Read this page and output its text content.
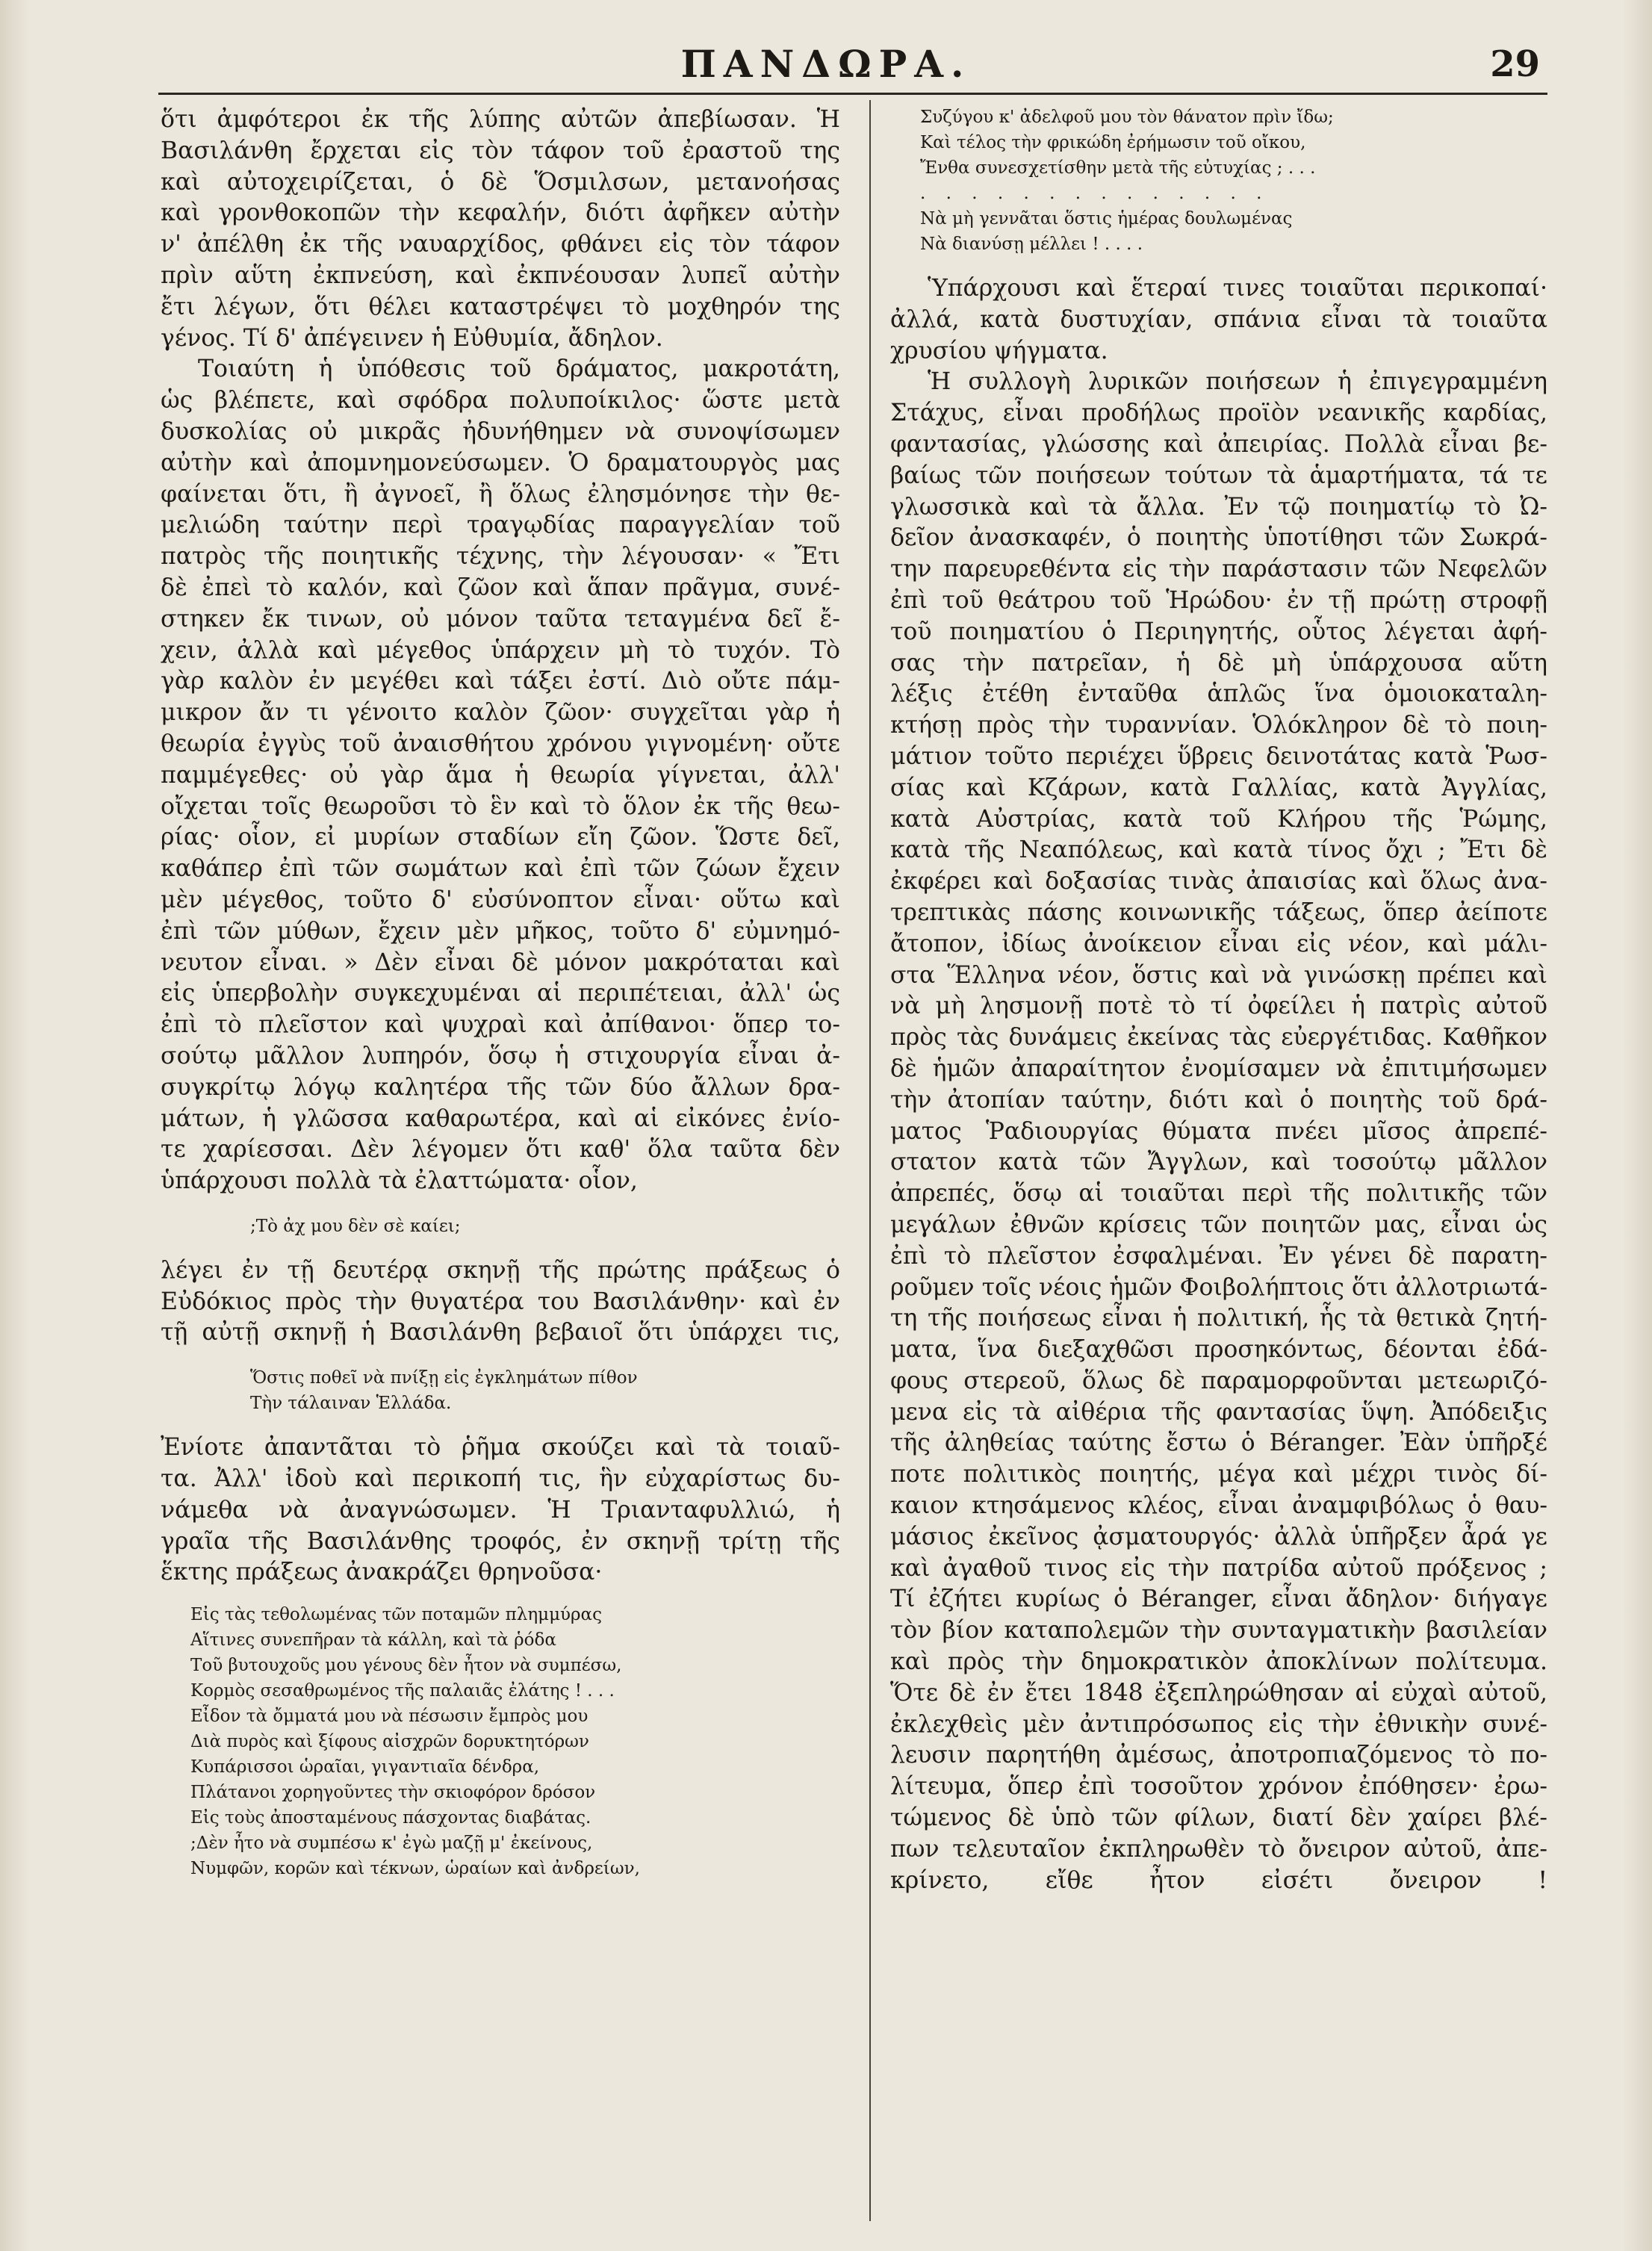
ΠΑΝΔΩΡΑ.	29
ὅτι ἀμφότεροι ἐκ τῆς λύπης αὐτῶν ἀπεβίωσαν. Ἡ
Βασιλάνθη ἔρχεται εἰς τὸν τάφον τοῦ ἐραστοῦ της
καὶ αὐτοχειρίζεται, ὁ δὲ Ὅσμιλσων, μετανοήσας
καὶ γρονθοκοπῶν τὴν κεφαλήν, διότι ἀφῆκεν αὐτὴν
ν' ἀπέλθη ἐκ τῆς ναυαρχίδος, φθάνει εἰς τὸν τάφον
πρὶν αὕτη ἐκπνεύση, καὶ ἐκπνέουσαν λυπεῖ αὐτὴν
ἔτι λέγων, ὅτι θέλει καταστρέψει τὸ μοχθηρόν της
γένος. Τί δ' ἀπέγεινεν ἡ Εὐθυμία, ἄδηλον.
Τοιαύτη ἡ ὑπόθεσις τοῦ δράματος, μακροτάτη,
ὡς βλέπετε, καὶ σφόδρα πολυποίκιλος· ὥστε μετὰ
δυσκολίας οὐ μικρᾶς ἠδυνήθημεν νὰ συνοψίσωμεν
αὐτὴν καὶ ἀπομνημονεύσωμεν. Ὁ δραματουργὸς μας
φαίνεται ὅτι, ἢ ἀγνοεῖ, ἢ ὅλως ἐλησμόνησε τὴν θε-
μελιώδη ταύτην περὶ τραγῳδίας παραγγελίαν τοῦ
πατρὸς τῆς ποιητικῆς τέχνης, τὴν λέγουσαν· « Ἔτι
δὲ ἐπεὶ τὸ καλόν, καὶ ζῶον καὶ ἅπαν πρᾶγμα, συνέ-
στηκεν ἔκ τινων, οὐ μόνον ταῦτα τεταγμένα δεῖ ἔ-
χειν, ἀλλὰ καὶ μέγεθος ὑπάρχειν μὴ τὸ τυχόν. Τὸ
γὰρ καλὸν ἐν μεγέθει καὶ τάξει ἐστί. Διὸ οὔτε πάμ-
μικρον ἄν τι γένοιτο καλὸν ζῶον· συγχεῖται γὰρ ἡ
θεωρία ἐγγὺς τοῦ ἀναισθήτου χρόνου γιγνομένη· οὔτε
παμμέγεθες· οὐ γὰρ ἅμα ἡ θεωρία γίγνεται, ἀλλ'
οἴχεται τοῖς θεωροῦσι τὸ ἓν καὶ τὸ ὅλον ἐκ τῆς θεω-
ρίας· οἷον, εἰ μυρίων σταδίων εἴη ζῶον. Ὥστε δεῖ,
καθάπερ ἐπὶ τῶν σωμάτων καὶ ἐπὶ τῶν ζώων ἔχειν
μὲν μέγεθος, τοῦτο δ' εὐσύνοπτον εἶναι· οὕτω καὶ
ἐπὶ τῶν μύθων, ἔχειν μὲν μῆκος, τοῦτο δ' εὐμνημό-
νευτον εἶναι. » Δὲν εἶναι δὲ μόνον μακρόταται καὶ
εἰς ὑπερβολὴν συγκεχυμέναι αἱ περιπέτειαι, ἀλλ' ὡς
ἐπὶ τὸ πλεῖστον καὶ ψυχραὶ καὶ ἀπίθανοι· ὅπερ το-
σούτῳ μᾶλλον λυπηρόν, ὅσῳ ἡ στιχουργία εἶναι ἀ-
συγκρίτῳ λόγῳ καλητέρα τῆς τῶν δύο ἄλλων δρα-
μάτων, ἡ γλῶσσα καθαρωτέρα, καὶ αἱ εἰκόνες ἐνίο-
τε χαρίεσσαι. Δὲν λέγομεν ὅτι καθ' ὅλα ταῦτα δὲν
ὑπάρχουσι πολλὰ τὰ ἐλαττώματα· οἷον,
;Τὸ ἀχ μου δὲν σὲ καίει;
λέγει ἐν τῇ δευτέρᾳ σκηνῇ τῆς πρώτης πράξεως ὁ
Εὐδόκιος πρὸς τὴν θυγατέρα του Βασιλάνθην· καὶ ἐν
τῇ αὐτῇ σκηνῇ ἡ Βασιλάνθη βεβαιοῖ ὅτι ὑπάρχει τις,
Ὅστις ποθεῖ νὰ πνίξῃ εἰς ἐγκλημάτων πίθον
Τὴν τάλαιναν Ἑλλάδα.
Ἐνίοτε ἀπαντᾶται τὸ ῥῆμα σκούζει καὶ τὰ τοιαῦ-
τα. Ἀλλ' ἰδοὺ καὶ περικοπή τις, ἣν εὐχαρίστως δυ-
νάμεθα νὰ ἀναγνώσωμεν. Ἡ Τριανταφυλλιώ, ἡ
γραῖα τῆς Βασιλάνθης τροφός, ἐν σκηνῇ τρίτῃ τῆς
ἕκτης πράξεως ἀνακράζει θρηνοῦσα·
Εἰς τὰς τεθολωμένας τῶν ποταμῶν πλημμύρας
Αἵτινες συνεπῆραν τὰ κάλλη, καὶ τὰ ῥόδα
Τοῦ βυτουχοῦς μου γένους δὲν ἦτον νὰ συμπέσω,
Κορμὸς σεσαθρωμένος τῆς παλαιᾶς ἐλάτης ! . . .
Εἶδον τὰ ὄμματά μου νὰ πέσωσιν ἔμπρὸς μου
Διὰ πυρὸς καὶ ξίφους αἰσχρῶν δορυκτητόρων
Κυπάρισσοι ὡραῖαι, γιγαντιαῖα δένδρα,
Πλάτανοι χορηγοῦντες τὴν σκιοφόρον δρόσον
Εἰς τοὺς ἀποσταμένους πάσχοντας διαβάτας.
;Δὲν ἦτο νὰ συμπέσω κ' ἐγὼ μαζῇ μ' ἐκείνους,
Νυμφῶν, κορῶν καὶ τέκνων, ὡραίων καὶ ἀνδρείων,
Συζύγου κ' ἀδελφοῦ μου τὸν θάνατον πρὶν ἴδω;
Καὶ τέλος τὴν φρικώδη ἐρήμωσιν τοῦ οἴκου,
Ἔνθα συνεσχετίσθην μετὰ τῆς εὐτυχίας ; . . .
. . . . . . . . . . . . . .
Νὰ μὴ γεννᾶται ὅστις ἡμέρας δουλωμένας
Νὰ διανύσῃ μέλλει ! . . . .
Ὑπάρχουσι καὶ ἕτεραί τινες τοιαῦται περικοπαί·
ἀλλά, κατὰ δυστυχίαν, σπάνια εἶναι τὰ τοιαῦτα
χρυσίου ψήγματα.
Ἡ συλλογὴ λυρικῶν ποιήσεων ἡ ἐπιγεγραμμένη
Στάχυς, εἶναι προδήλως προϊὸν νεανικῆς καρδίας,
φαντασίας, γλώσσης καὶ ἀπειρίας. Πολλὰ εἶναι βε-
βαίως τῶν ποιήσεων τούτων τὰ ἁμαρτήματα, τά τε
γλωσσικὰ καὶ τὰ ἄλλα. Ἐν τῷ ποιηματίῳ τὸ Ὠ-
δεῖον ἀνασκαφέν, ὁ ποιητὴς ὑποτίθησι τῶν Σωκρά-
την παρευρεθέντα εἰς τὴν παράστασιν τῶν Νεφελῶν
ἐπὶ τοῦ θεάτρου τοῦ Ἡρώδου· ἐν τῇ πρώτῃ στροφῇ
τοῦ ποιηματίου ὁ Περιηγητής, οὗτος λέγεται ἀφή-
σας τὴν πατρεῖαν, ἡ δὲ μὴ ὑπάρχουσα αὕτη
λέξις ἐτέθη ἐνταῦθα ἁπλῶς ἵνα ὁμοιοκαταλη-
κτήσῃ πρὸς τὴν τυραννίαν. Ὁλόκληρον δὲ τὸ ποιη-
μάτιον τοῦτο περιέχει ὕβρεις δεινοτάτας κατὰ Ῥωσ-
σίας καὶ Κζάρων, κατὰ Γαλλίας, κατὰ Ἀγγλίας,
κατὰ Αὐστρίας, κατὰ τοῦ Κλήρου τῆς Ῥώμης,
κατὰ τῆς Νεαπόλεως, καὶ κατὰ τίνος ὄχι ; Ἔτι δὲ
ἐκφέρει καὶ δοξασίας τινὰς ἀπαισίας καὶ ὅλως ἀνα-
τρεπτικὰς πάσης κοινωνικῆς τάξεως, ὅπερ ἀείποτε
ἄτοπον, ἰδίως ἀνοίκειον εἶναι εἰς νέον, καὶ μάλι-
στα Ἕλληνα νέον, ὅστις καὶ νὰ γινώσκῃ πρέπει καὶ
νὰ μὴ λησμονῇ ποτὲ τὸ τί ὀφείλει ἡ πατρὶς αὐτοῦ
πρὸς τὰς δυνάμεις ἐκείνας τὰς εὐεργέτιδας. Καθῆκον
δὲ ἡμῶν ἀπαραίτητον ἐνομίσαμεν νὰ ἐπιτιμήσωμεν
τὴν ἀτοπίαν ταύτην, διότι καὶ ὁ ποιητὴς τοῦ δρά-
ματος Ῥαδιουργίας θύματα πνέει μῖσος ἀπρεπέ-
στατον κατὰ τῶν Ἄγγλων, καὶ τοσούτῳ μᾶλλον
ἀπρεπές, ὅσῳ αἱ τοιαῦται περὶ τῆς πολιτικῆς τῶν
μεγάλων ἐθνῶν κρίσεις τῶν ποιητῶν μας, εἶναι ὡς
ἐπὶ τὸ πλεῖστον ἐσφαλμέναι. Ἐν γένει δὲ παρατη-
ροῦμεν τοῖς νέοις ἡμῶν Φοιβολήπτοις ὅτι ἀλλοτριωτά-
τη τῆς ποιήσεως εἶναι ἡ πολιτική, ἧς τὰ θετικὰ ζητή-
ματα, ἵνα διεξαχθῶσι προσηκόντως, δέονται ἐδά-
φους στερεοῦ, ὅλως δὲ παραμορφοῦνται μετεωριζό-
μενα εἰς τὰ αἰθέρια τῆς φαντασίας ὕψη. Ἀπόδειξις
τῆς ἀληθείας ταύτης ἔστω ὁ Béranger. Ἐὰν ὑπῆρξέ
ποτε πολιτικὸς ποιητής, μέγα καὶ μέχρι τινὸς δί-
καιον κτησάμενος κλέος, εἶναι ἀναμφιβόλως ὁ θαυ-
μάσιος ἐκεῖνος ᾀσματουργός· ἀλλὰ ὑπῆρξεν ἆρά γε
καὶ ἀγαθοῦ τινος εἰς τὴν πατρίδα αὐτοῦ πρόξενος ;
Τί ἐζήτει κυρίως ὁ Béranger, εἶναι ἄδηλον· διήγαγε
τὸν βίον καταπολεμῶν τὴν συνταγματικὴν βασιλείαν
καὶ πρὸς τὴν δημοκρατικὸν ἀποκλίνων πολίτευμα.
Ὅτε δὲ ἐν ἔτει 1848 ἐξεπληρώθησαν αἱ εὐχαὶ αὐτοῦ,
ἐκλεχθεὶς μὲν ἀντιπρόσωπος εἰς τὴν ἐθνικὴν συνέ-
λευσιν παρητήθη ἀμέσως, ἀποτροπιαζόμενος τὸ πο-
λίτευμα, ὅπερ ἐπὶ τοσοῦτον χρόνον ἐπόθησεν· ἐρω-
τώμενος δὲ ὑπὸ τῶν φίλων, διατί δὲν χαίρει βλέ-
πων τελευταῖον ἐκπληρωθὲν τὸ ὄνειρον αὐτοῦ, ἀπε-
κρίνετο, εἴθε ἦτον εἰσέτι ὄνειρον !
